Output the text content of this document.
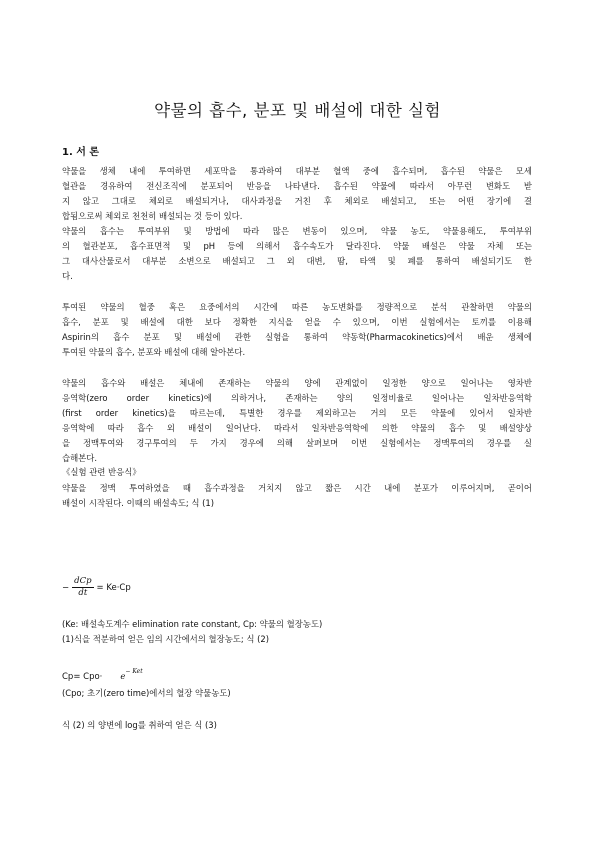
약물의 흡수, 분포 및 배설에 대한 실험
1. 서 론
약물을 생체 내에 투여하면 세포막을 통과하여 대부분 혈액 중에 흡수되며, 흡수된 약물은 모세
혈관을 경유하여 전신조직에 분포되어 반응을 나타낸다. 흡수된 약물에 따라서 아무런 변화도 받
지 않고 그대로 체외로 배설되거나, 대사과정을 거친 후 체외로 배설되고, 또는 어떤 장기에 결
합됨으로써 체외로 천천히 배설되는 것 등이 있다.
약물의 흡수는 투여부위 및 방법에 따라 많은 변동이 있으며, 약물 농도, 약물용해도, 투여부위
의 혈관분포, 흡수표면적 및 pH 등에 의해서 흡수속도가 달라진다. 약물 배설은 약물 자체 또는
그 대사산물로서 대부분 소변으로 배설되고 그 외 대변, 땀, 타액 및 폐를 통하여 배설되기도 한
다.
투여된 약물의 혈중 혹은 요중에서의 시간에 따른 농도변화를 정량적으로 분석 관찰하면 약물의
흡수, 분포 및 배설에 대한 보다 정확한 지식을 얻을 수 있으며, 이번 실험에서는 토끼를 이용해
Aspirin의 흡수 분포 및 배설에 관한 실험을 통하여 약동학(Pharmacokinetics)에서 배운 생체에
투여된 약물의 흡수, 분포와 배설에 대해 알아본다.
약물의 흡수와 배설은 체내에 존재하는 약물의 양에 관계없이 일정한 양으로 일어나는 영차반
응역학(zero order kinetics)에 의하거나, 존재하는 양의 일정비율로 일어나는 일차반응역학
(first order kinetics)을 따르는데, 특별한 경우를 제외하고는 거의 모든 약물에 있어서 일차반
응역학에 따라 흡수 외 배설이 일어난다. 따라서 일차반응역학에 의한 약물의 흡수 및 배설양상
을 정맥투여와 경구투여의 두 가지 경우에 의해 살펴보며 이번 실험에서는 정맥투여의 경우를 실
습해본다.
《실험 관련 반응식》
약물을 정맥 투여하였을 때 흡수과정을 거치지 않고 짧은 시간 내에 분포가 이루어지며, 곧이어
배설이 시작된다. 이때의 배설속도; 식 (1)
− $\frac{\text{dCp}}{dt} = Ke\cdot Cp$
(Ke: 배설속도계수 elimination rate constant, Cp: 약물의 혈장농도)
(1)식을 적분하여 얻은 임의 시간에서의 혈장농도; 식 (2)
$Cp= Cpo\cdot e^{- Ket}$
(Cpo; 초기(zero time)에서의 혈장 약물농도)
식 (2) 의 양변에 log를 취하여 얻은 식 (3)
